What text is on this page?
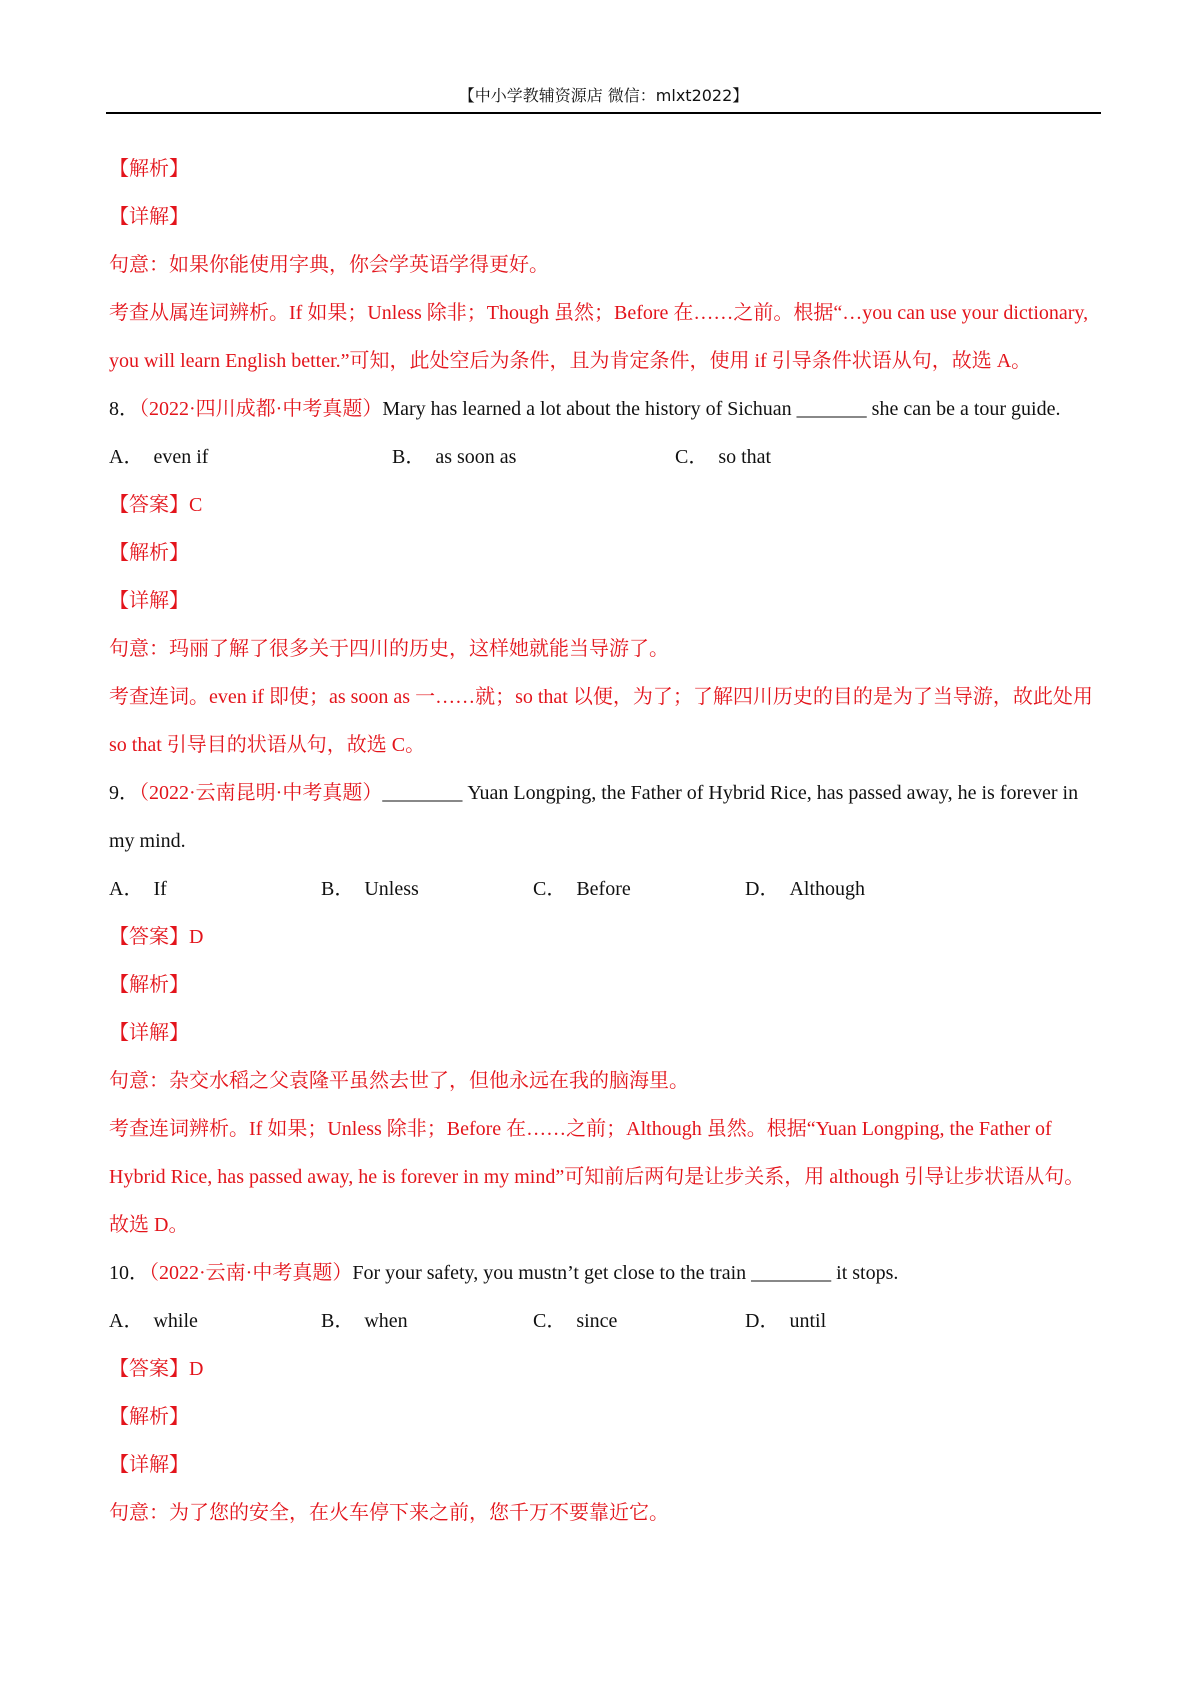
【中小学教辅资源店 微信：mlxt2022】
【解析】
【详解】
句意：如果你能使用字典，你会学英语学得更好。
考查从属连词辨析。If 如果；Unless 除非；Though 虽然；Before 在……之前。根据“…you can use your dictionary, you will learn English better.”可知，此处空后为条件，且为肯定条件，使用 if 引导条件状语从句，故选 A。
8．（2022·四川成都·中考真题）Mary has learned a lot about the history of Sichuan _______ she can be a tour guide.
A． even if	B． as soon as	C． so that
【答案】C
【解析】
【详解】
句意：玛丽了解了很多关于四川的历史，这样她就能当导游了。
考查连词。even if 即使；as soon as 一……就；so that 以便，为了；了解四川历史的目的是为了当导游，故此处用 so that 引导目的状语从句，故选 C。
9．（2022·云南昆明·中考真题）________ Yuan Longping, the Father of Hybrid Rice, has passed away, he is forever in my mind.
A． If	B． Unless	C． Before	D． Although
【答案】D
【解析】
【详解】
句意：杂交水稻之父袁隆平虽然去世了，但他永远在我的脑海里。
考查连词辨析。If 如果；Unless 除非；Before 在……之前；Although 虽然。根据“Yuan Longping, the Father of Hybrid Rice, has passed away, he is forever in my mind”可知前后两句是让步关系，用 although 引导让步状语从句。故选 D。
10．（2022·云南·中考真题）For your safety, you mustn’t get close to the train ________ it stops.
A． while	B． when	C． since	D． until
【答案】D
【解析】
【详解】
句意：为了您的安全，在火车停下来之前，您千万不要靠近它。
